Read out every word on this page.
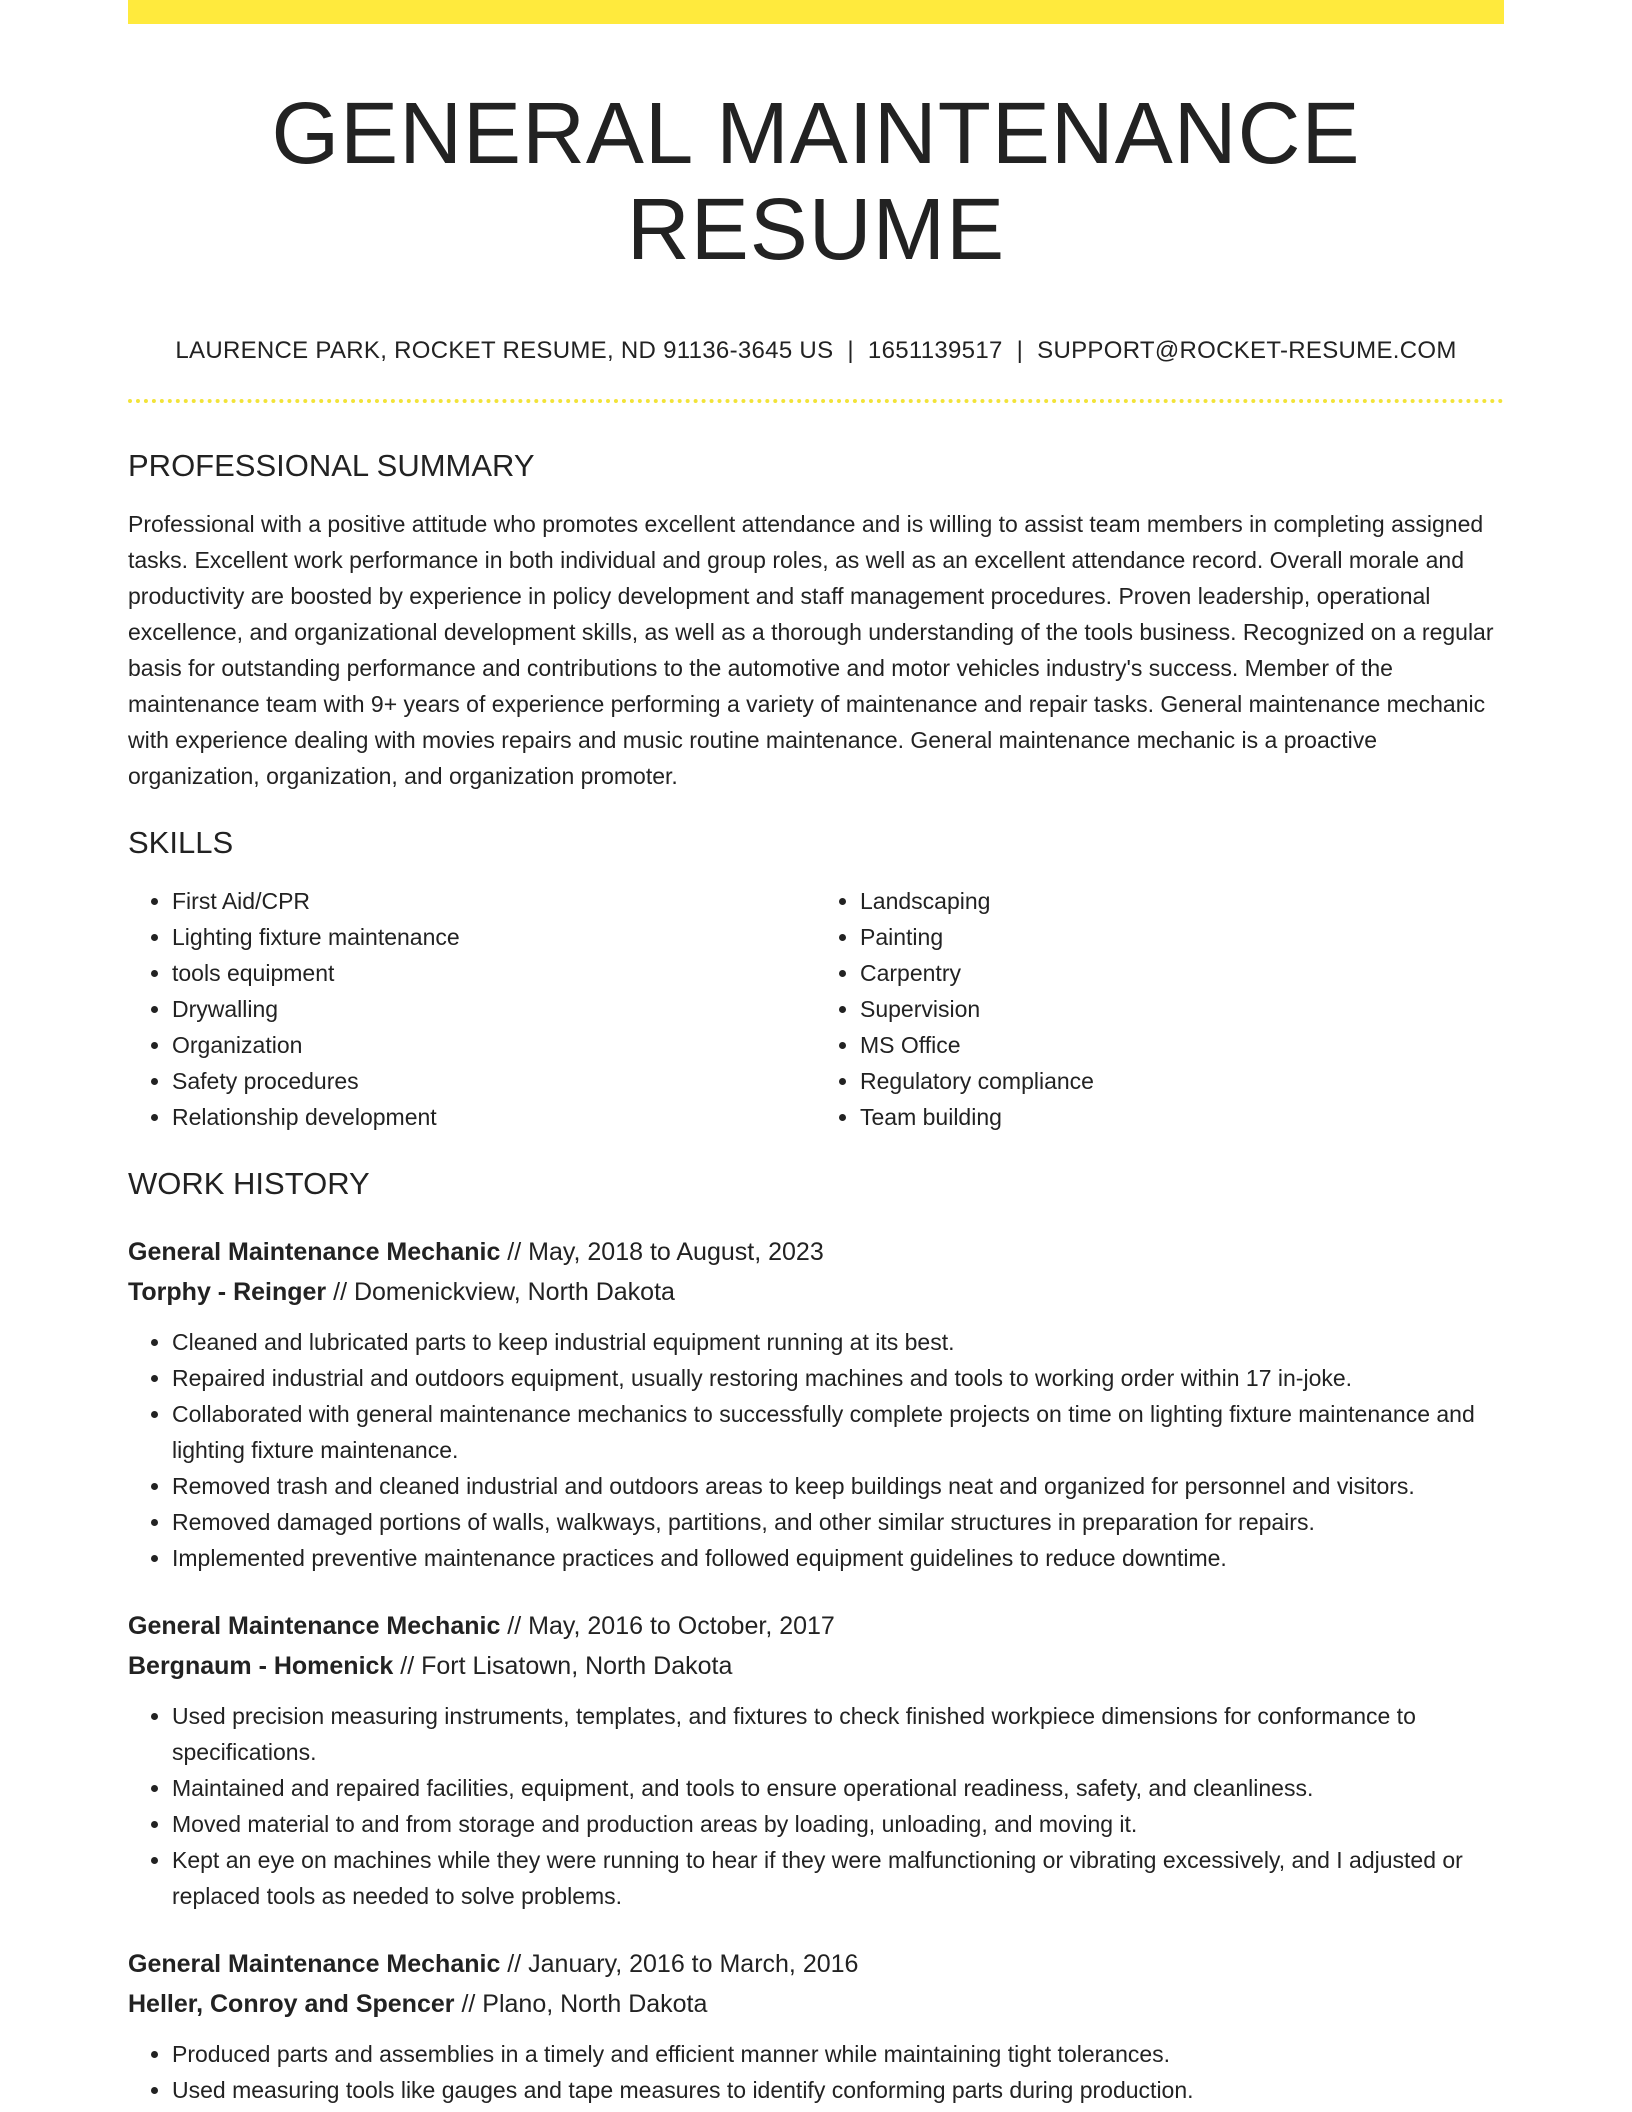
GENERAL MAINTENANCE RESUME
LAURENCE PARK, ROCKET RESUME, ND 91136-3645 US | 1651139517 | SUPPORT@ROCKET-RESUME.COM
PROFESSIONAL SUMMARY
Professional with a positive attitude who promotes excellent attendance and is willing to assist team members in completing assigned tasks. Excellent work performance in both individual and group roles, as well as an excellent attendance record. Overall morale and productivity are boosted by experience in policy development and staff management procedures. Proven leadership, operational excellence, and organizational development skills, as well as a thorough understanding of the tools business. Recognized on a regular basis for outstanding performance and contributions to the automotive and motor vehicles industry's success. Member of the maintenance team with 9+ years of experience performing a variety of maintenance and repair tasks. General maintenance mechanic with experience dealing with movies repairs and music routine maintenance. General maintenance mechanic is a proactive organization, organization, and organization promoter.
SKILLS
• First Aid/CPR
• Lighting fixture maintenance
• tools equipment
• Drywalling
• Organization
• Safety procedures
• Relationship development
• Landscaping
• Painting
• Carpentry
• Supervision
• MS Office
• Regulatory compliance
• Team building
WORK HISTORY
General Maintenance Mechanic // May, 2018 to August, 2023
Torphy - Reinger // Domenickview, North Dakota
• Cleaned and lubricated parts to keep industrial equipment running at its best.
• Repaired industrial and outdoors equipment, usually restoring machines and tools to working order within 17 in-joke.
• Collaborated with general maintenance mechanics to successfully complete projects on time on lighting fixture maintenance and lighting fixture maintenance.
• Removed trash and cleaned industrial and outdoors areas to keep buildings neat and organized for personnel and visitors.
• Removed damaged portions of walls, walkways, partitions, and other similar structures in preparation for repairs.
• Implemented preventive maintenance practices and followed equipment guidelines to reduce downtime.
General Maintenance Mechanic // May, 2016 to October, 2017
Bergnaum - Homenick // Fort Lisatown, North Dakota
• Used precision measuring instruments, templates, and fixtures to check finished workpiece dimensions for conformance to specifications.
• Maintained and repaired facilities, equipment, and tools to ensure operational readiness, safety, and cleanliness.
• Moved material to and from storage and production areas by loading, unloading, and moving it.
• Kept an eye on machines while they were running to hear if they were malfunctioning or vibrating excessively, and I adjusted or replaced tools as needed to solve problems.
General Maintenance Mechanic // January, 2016 to March, 2016
Heller, Conroy and Spencer // Plano, North Dakota
• Produced parts and assemblies in a timely and efficient manner while maintaining tight tolerances.
• Used measuring tools like gauges and tape measures to identify conforming parts during production.
